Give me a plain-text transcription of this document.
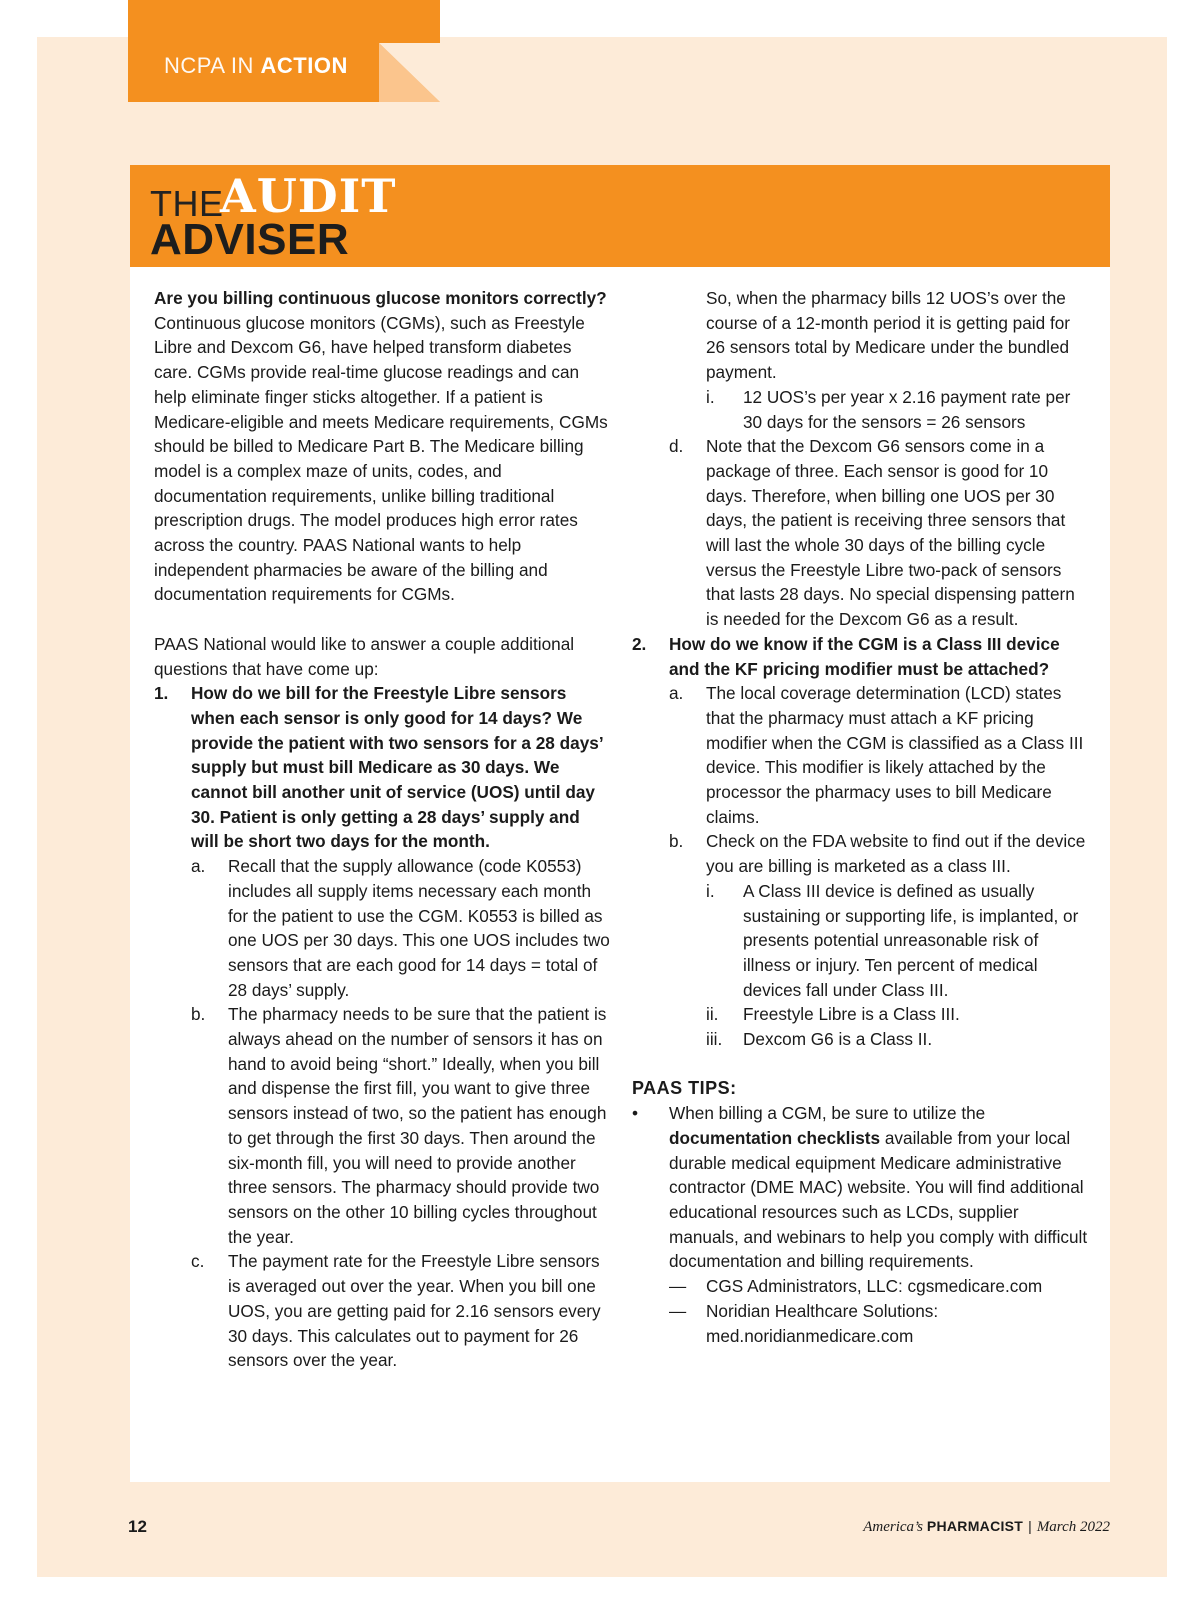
NCPA IN ACTION
THE
AUDIT
ADVISER

Are you billing continuous glucose monitors correctly?

Continuous glucose monitors (CGMs), such as Freestyle Libre and Dexcom G6, have helped transform diabetes care. CGMs provide real-time glucose readings and can help eliminate finger sticks altogether. If a patient is Medicare-eligible and meets Medicare requirements, CGMs should be billed to Medicare Part B. The Medicare billing model is a complex maze of units, codes, and documentation requirements, unlike billing traditional prescription drugs. The model produces high error rates across the country. PAAS National wants to help independent pharmacies be aware of the billing and documentation requirements for CGMs.

PAAS National would like to answer a couple additional questions that have come up:

1. How do we bill for the Freestyle Libre sensors when each sensor is only good for 14 days? We provide the patient with two sensors for a 28 days’ supply but must bill Medicare as 30 days. We cannot bill another unit of service (UOS) until day 30. Patient is only getting a 28 days’ supply and will be short two days for the month.

a. Recall that the supply allowance (code K0553) includes all supply items necessary each month for the patient to use the CGM. K0553 is billed as one UOS per 30 days. This one UOS includes two sensors that are each good for 14 days = total of 28 days’ supply.

b. The pharmacy needs to be sure that the patient is always ahead on the number of sensors it has on hand to avoid being “short.” Ideally, when you bill and dispense the first fill, you want to give three sensors instead of two, so the patient has enough to get through the first 30 days. Then around the six-month fill, you will need to provide another three sensors. The pharmacy should provide two sensors on the other 10 billing cycles throughout the year.

c. The payment rate for the Freestyle Libre sensors is averaged out over the year. When you bill one UOS, you are getting paid for 2.16 sensors every 30 days. This calculates out to payment for 26 sensors over the year.

So, when the pharmacy bills 12 UOS’s over the course of a 12-month period it is getting paid for 26 sensors total by Medicare under the bundled payment.

i. 12 UOS’s per year x 2.16 payment rate per 30 days for the sensors = 26 sensors

d. Note that the Dexcom G6 sensors come in a package of three. Each sensor is good for 10 days. Therefore, when billing one UOS per 30 days, the patient is receiving three sensors that will last the whole 30 days of the billing cycle versus the Freestyle Libre two-pack of sensors that lasts 28 days. No special dispensing pattern is needed for the Dexcom G6 as a result.

2. How do we know if the CGM is a Class III device and the KF pricing modifier must be attached?

a. The local coverage determination (LCD) states that the pharmacy must attach a KF pricing modifier when the CGM is classified as a Class III device. This modifier is likely attached by the processor the pharmacy uses to bill Medicare claims.

b. Check on the FDA website to find out if the device you are billing is marketed as a class III.

i. A Class III device is defined as usually sustaining or supporting life, is implanted, or presents potential unreasonable risk of illness or injury. Ten percent of medical devices fall under Class III.

ii. Freestyle Libre is a Class III.

iii. Dexcom G6 is a Class II.

PAAS TIPS:

• When billing a CGM, be sure to utilize the documentation checklists available from your local durable medical equipment Medicare administrative contractor (DME MAC) website. You will find additional educational resources such as LCDs, supplier manuals, and webinars to help you comply with difficult documentation and billing requirements.

— CGS Administrators, LLC: cgsmedicare.com

— Noridian Healthcare Solutions: med.noridianmedicare.com

12	America’s PHARMACIST | March 2022
